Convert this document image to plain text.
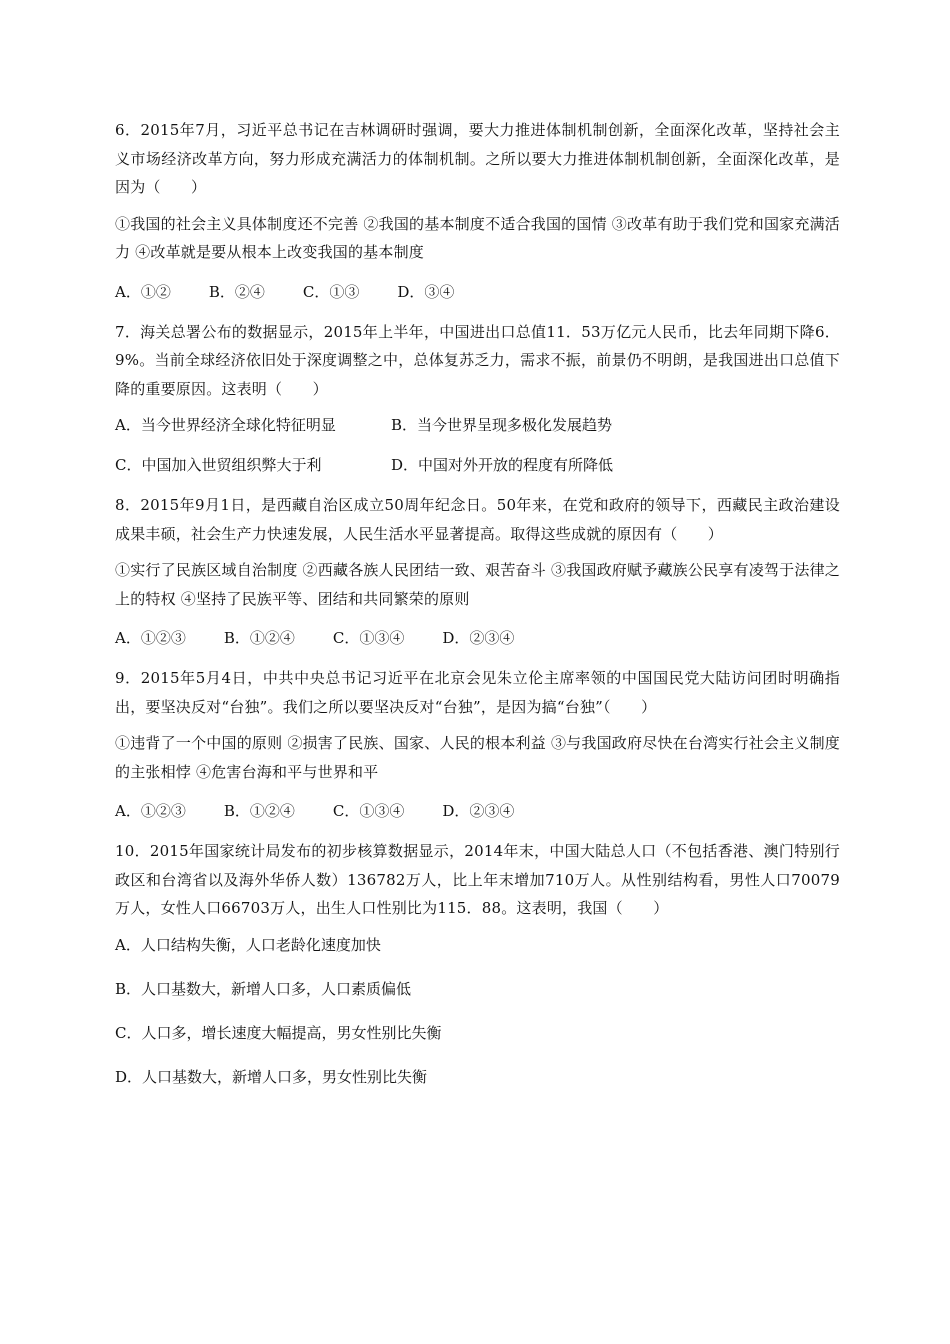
6．2015年7月，习近平总书记在吉林调研时强调，要大力推进体制机制创新，全面深化改革，坚持社会主义市场经济改革方向，努力形成充满活力的体制机制。之所以要大力推进体制机制创新，全面深化改革，是因为（　　）

①我国的社会主义具体制度还不完善 ②我国的基本制度不适合我国的国情 ③改革有助于我们党和国家充满活力 ④改革就是要从根本上改变我国的基本制度

A．①②	B．②④	C．①③	D．③④

7．海关总署公布的数据显示，2015年上半年，中国进出口总值11．53万亿元人民币，比去年同期下降6．9%。当前全球经济依旧处于深度调整之中，总体复苏乏力，需求不振，前景仍不明朗，是我国进出口总值下降的重要原因。这表明（　　）

A．当今世界经济全球化特征明显	B．当今世界呈现多极化发展趋势
C．中国加入世贸组织弊大于利	D．中国对外开放的程度有所降低

8．2015年9月1日，是西藏自治区成立50周年纪念日。50年来，在党和政府的领导下，西藏民主政治建设成果丰硕，社会生产力快速发展，人民生活水平显著提高。取得这些成就的原因有（　　）

①实行了民族区域自治制度 ②西藏各族人民团结一致、艰苦奋斗 ③我国政府赋予藏族公民享有凌驾于法律之上的特权 ④坚持了民族平等、团结和共同繁荣的原则

A．①②③	B．①②④	C．①③④	D．②③④

9．2015年5月4日，中共中央总书记习近平在北京会见朱立伦主席率领的中国国民党大陆访问团时明确指出，要坚决反对“台独”。我们之所以要坚决反对“台独”，是因为搞“台独”（　　）

①违背了一个中国的原则 ②损害了民族、国家、人民的根本利益 ③与我国政府尽快在台湾实行社会主义制度的主张相悖 ④危害台海和平与世界和平

A．①②③	B．①②④	C．①③④	D．②③④

10．2015年国家统计局发布的初步核算数据显示，2014年末，中国大陆总人口（不包括香港、澳门特别行政区和台湾省以及海外华侨人数）136782万人，比上年末增加710万人。从性别结构看，男性人口70079万人，女性人口66703万人，出生人口性别比为115．88。这表明，我国（　　）

A．人口结构失衡，人口老龄化速度加快

B．人口基数大，新增人口多，人口素质偏低

C．人口多，增长速度大幅提高，男女性别比失衡

D．人口基数大，新增人口多，男女性别比失衡
